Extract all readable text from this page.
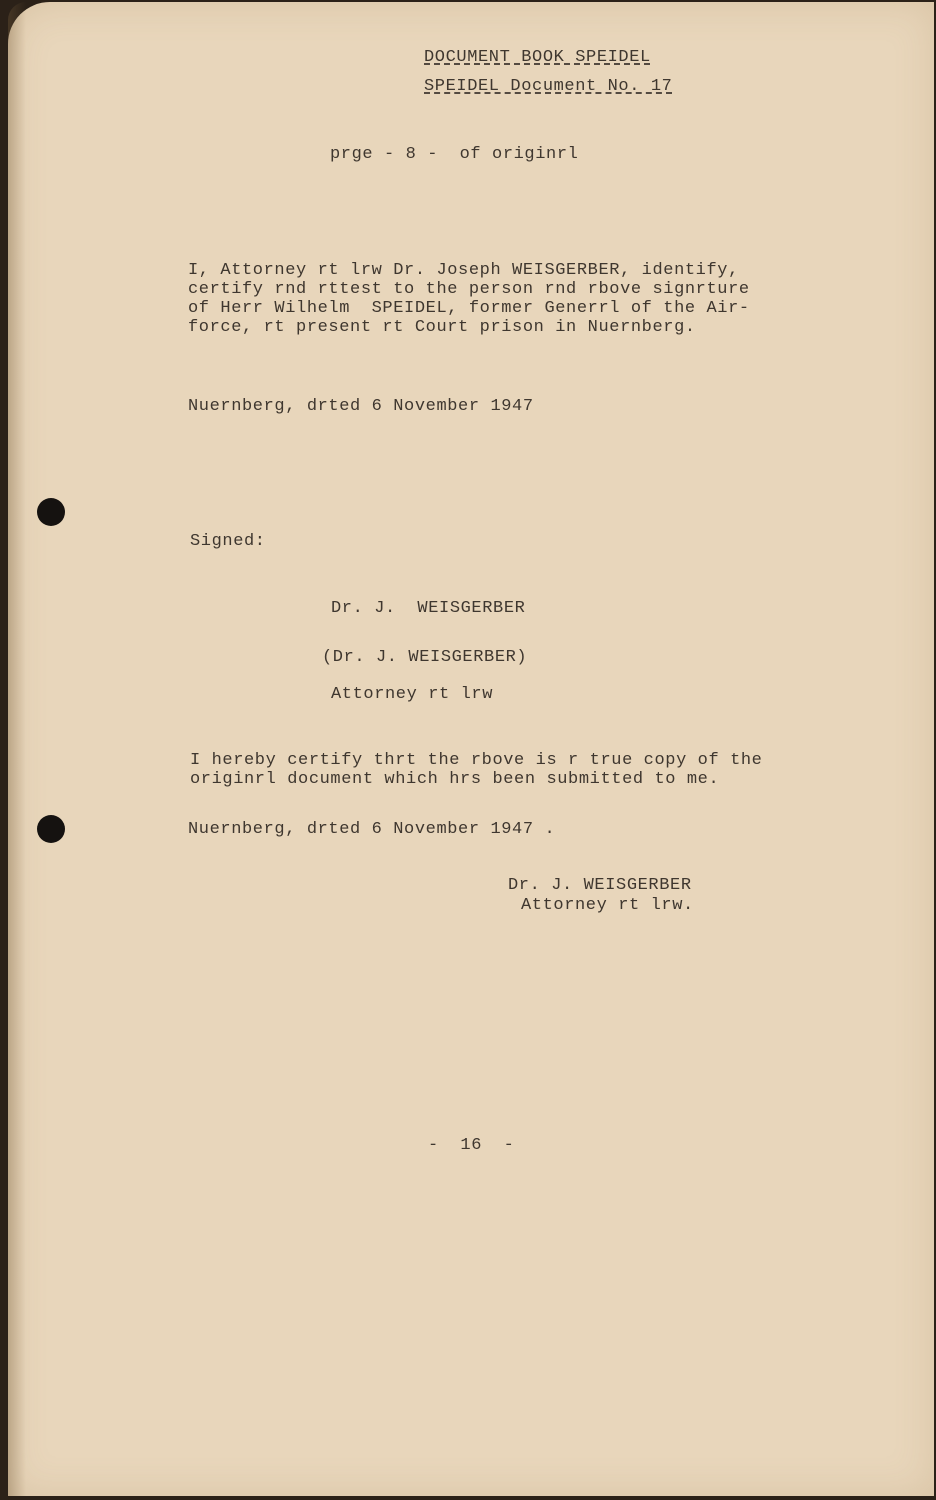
DOCUMENT BOOK SPEIDEL
SPEIDEL Document No. 17
prge - 8 -  of originrl
I, Attorney rt lrw Dr. Joseph WEISGERBER, identify,
certify rnd rttest to the person rnd rbove signrture
of Herr Wilhelm  SPEIDEL, former Generrl of the Air-
force, rt present rt Court prison in Nuernberg.
Nuernberg, drted 6 November 1947
Signed:
Dr. J.  WEISGERBER
(Dr. J. WEISGERBER)
Attorney rt lrw
I hereby certify thrt the rbove is r true copy of the
originrl document which hrs been submitted to me.
Nuernberg, drted 6 November 1947 .
Dr. J. WEISGERBER
Attorney rt lrw.
-  16  -
